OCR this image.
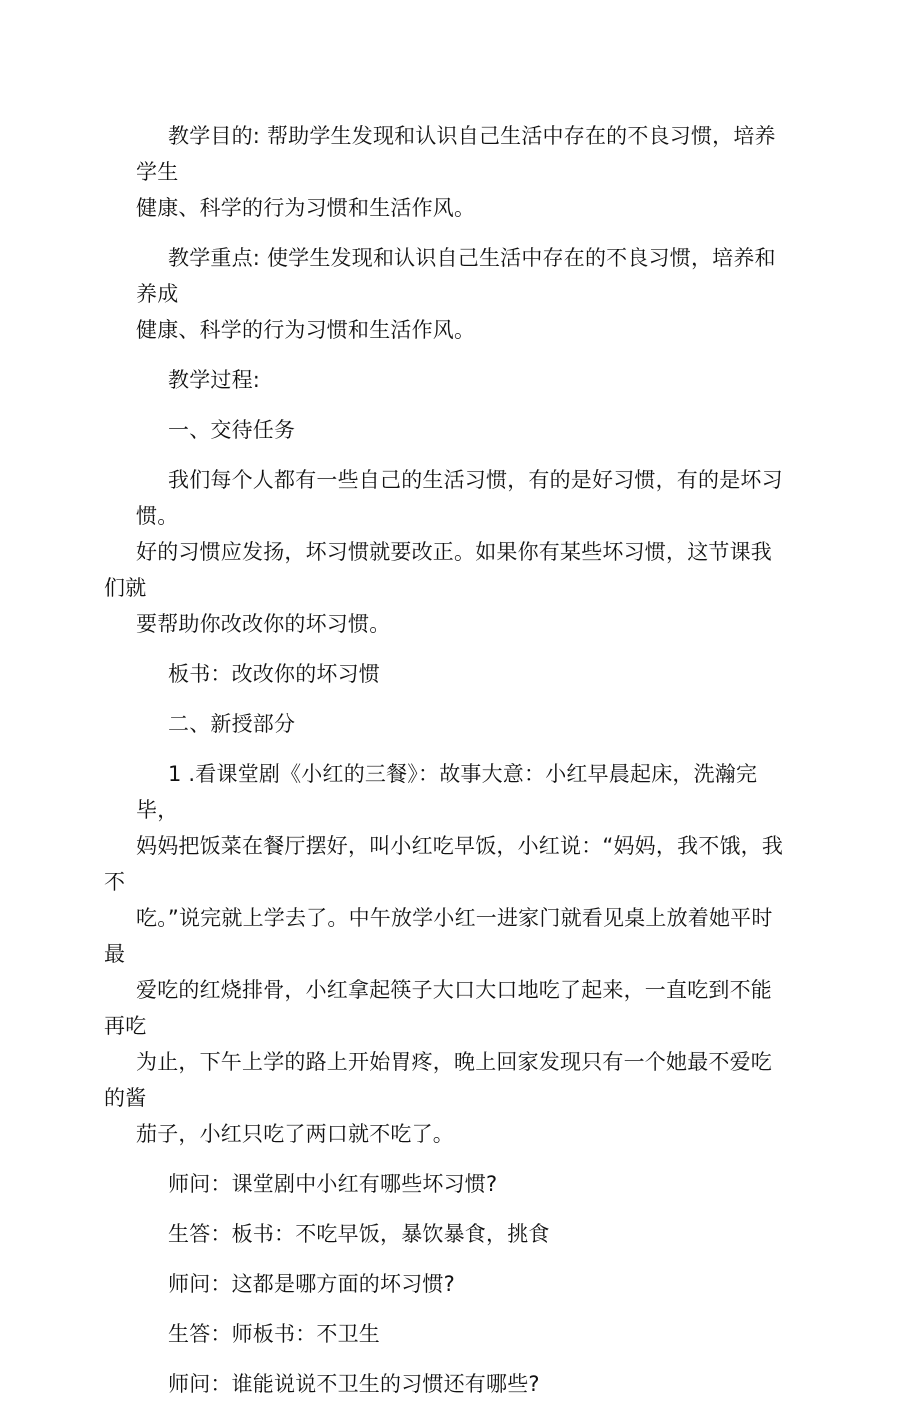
教学目的: 帮助学生发现和认识自己生活中存在的不良习惯，培养学生
健康、科学的行为习惯和生活作风。

教学重点: 使学生发现和认识自己生活中存在的不良习惯，培养和养成
健康、科学的行为习惯和生活作风。

教学过程:

一、交待任务

我们每个人都有一些自己的生活习惯，有的是好习惯，有的是坏习惯。
好的习惯应发扬，坏习惯就要改正。如果你有某些坏习惯，这节课我们就
要帮助你改改你的坏习惯。

板书：改改你的坏习惯

二、新授部分

1 .看课堂剧《小红的三餐》：故事大意：小红早晨起床，洗瀚完毕，
妈妈把饭菜在餐厅摆好，叫小红吃早饭，小红说：“妈妈，我不饿，我不
吃。”说完就上学去了。中午放学小红一进家门就看见桌上放着她平时最
爱吃的红烧排骨，小红拿起筷子大口大口地吃了起来，一直吃到不能再吃
为止，下午上学的路上开始胃疼，晚上回家发现只有一个她最不爱吃的酱
茄子，小红只吃了两口就不吃了。

师问：课堂剧中小红有哪些坏习惯?

生答：板书：不吃早饭，暴饮暴食，挑食

师问：这都是哪方面的坏习惯?

生答：师板书：不卫生

师问：谁能说说不卫生的习惯还有哪些?
